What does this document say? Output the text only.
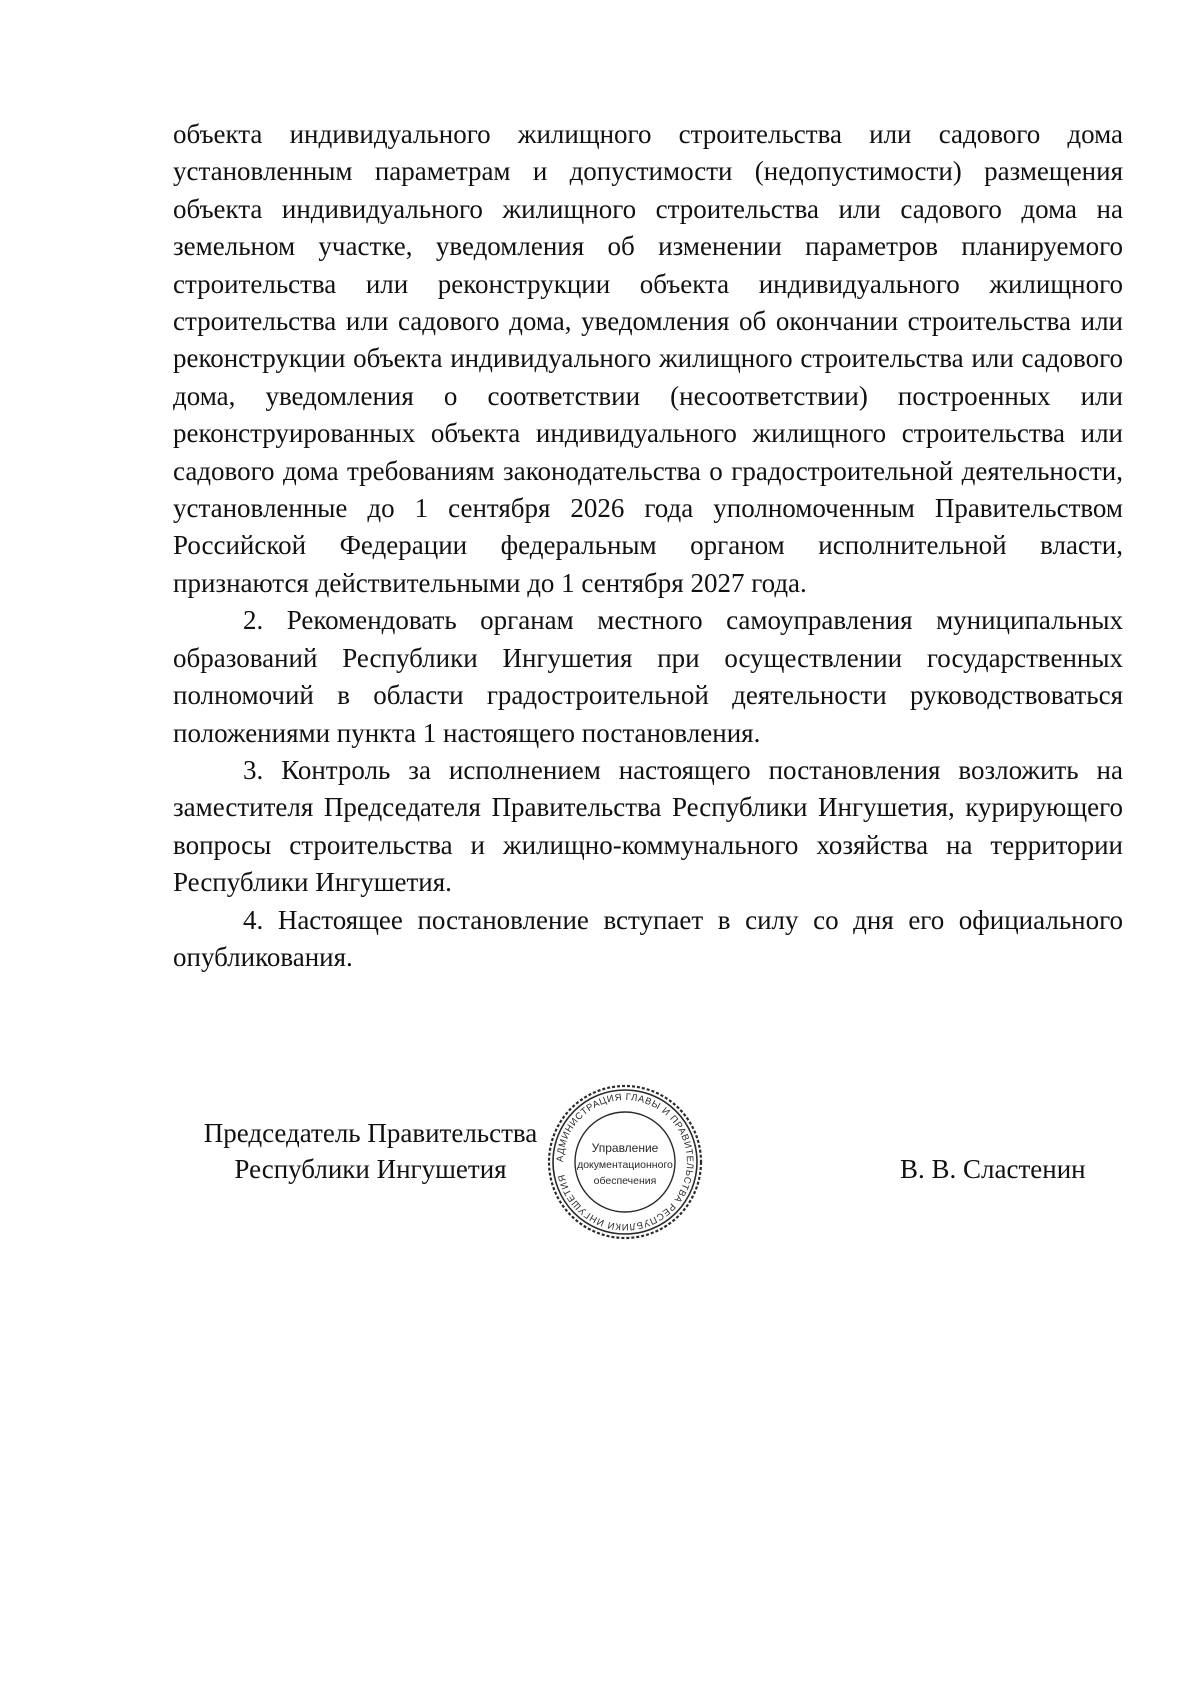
объекта индивидуального жилищного строительства или садового дома установленным параметрам и допустимости (недопустимости) размещения объекта индивидуального жилищного строительства или садового дома на земельном участке, уведомления об изменении параметров планируемого строительства или реконструкции объекта индивидуального жилищного строительства или садового дома, уведомления об окончании строительства или реконструкции объекта индивидуального жилищного строительства или садового дома, уведомления о соответствии (несоответствии) построенных или реконструированных объекта индивидуального жилищного строительства или садового дома требованиям законодательства о градостроительной деятельности, установленные до 1 сентября 2026 года уполномоченным Правительством Российской Федерации федеральным органом исполнительной власти, признаются действительными до 1 сентября 2027 года.

2. Рекомендовать органам местного самоуправления муниципальных образований Республики Ингушетия при осуществлении государственных полномочий в области градостроительной деятельности руководствоваться положениями пункта 1 настоящего постановления.

3. Контроль за исполнением настоящего постановления возложить на заместителя Председателя Правительства Республики Ингушетия, курирующего вопросы строительства и жилищно-коммунального хозяйства на территории Республики Ингушетия.

4. Настоящее постановление вступает в силу со дня его официального опубликования.

Председатель Правительства
Республики Ингушетия	В. В. Сластенин
АДМИНИСТРАЦИЯ ГЛАВЫ И ПРАВИТЕЛЬСТВА РЕСПУБЛИКИ ИНГУШЕТИЯ
Управление
документационного
обеспечения
